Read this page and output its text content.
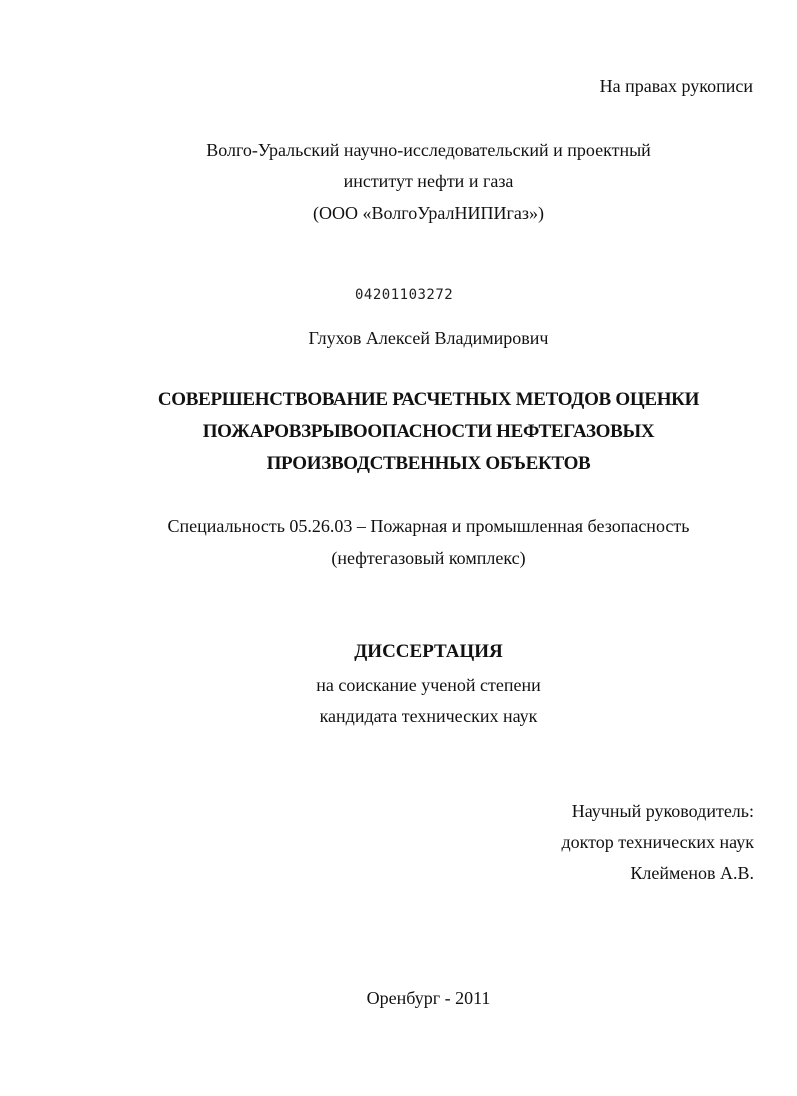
На правах рукописи
Волго-Уральский научно-исследовательский и проектный
институт нефти и газа
(ООО «ВолгоУралНИПИгаз»)
04201103272
Глухов Алексей Владимирович
СОВЕРШЕНСТВОВАНИЕ РАСЧЕТНЫХ МЕТОДОВ ОЦЕНКИ
ПОЖАРОВЗРЫВООПАСНОСТИ НЕФТЕГАЗОВЫХ
ПРОИЗВОДСТВЕННЫХ ОБЪЕКТОВ
Специальность 05.26.03 – Пожарная и промышленная безопасность
(нефтегазовый комплекс)
ДИССЕРТАЦИЯ
на соискание ученой степени
кандидата технических наук
Научный руководитель:
доктор технических наук
Клейменов А.В.
Оренбург - 2011
